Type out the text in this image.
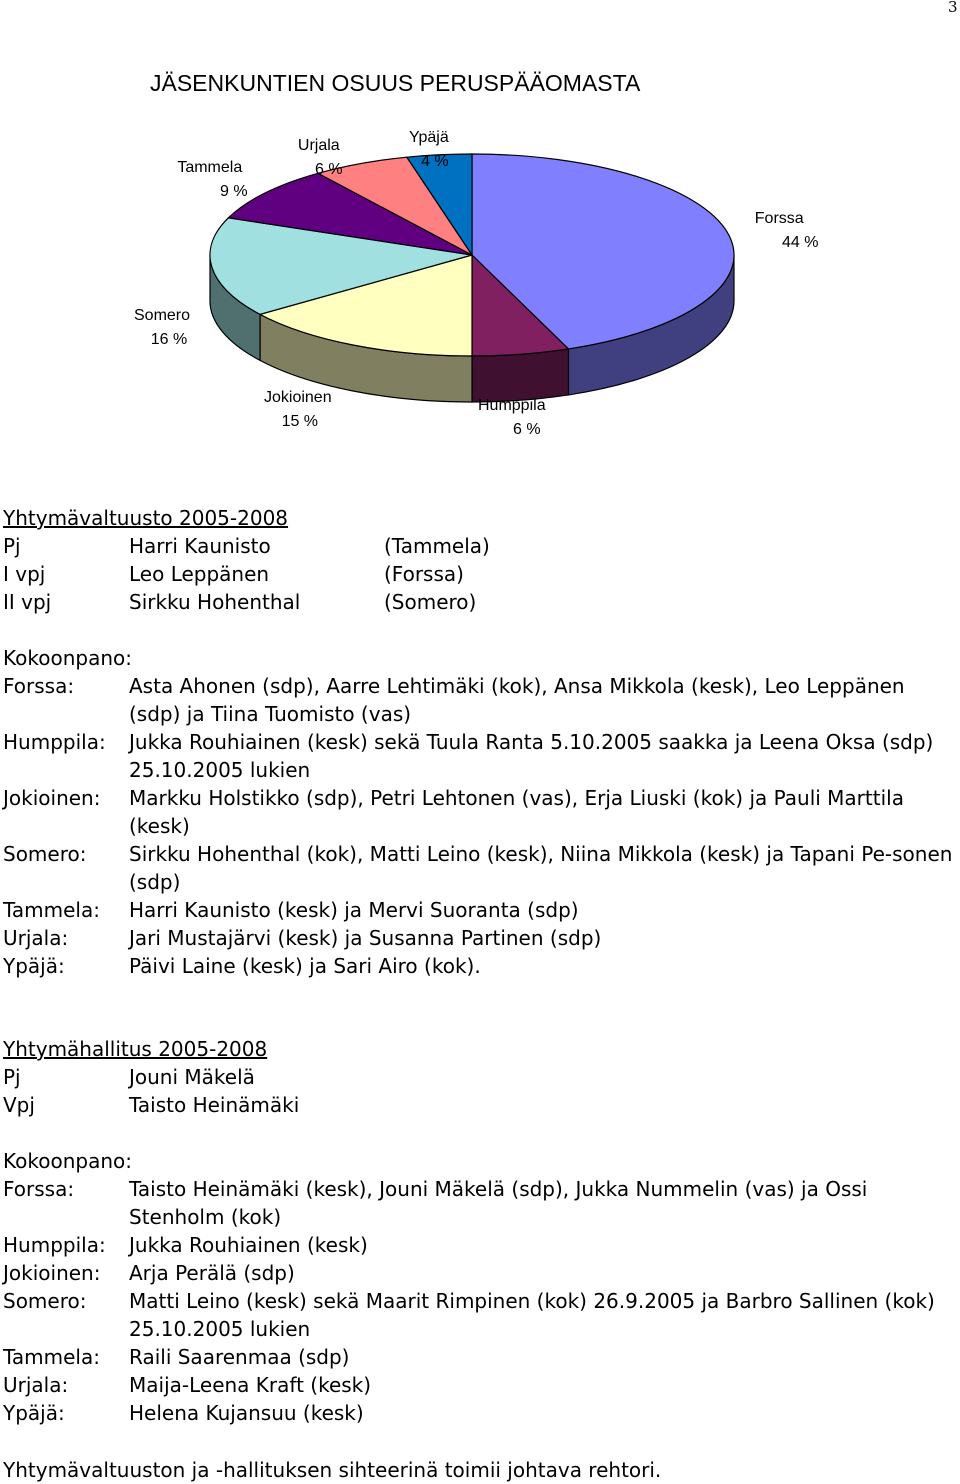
3
JÄSENKUNTIEN OSUUS PERUSPÄÄOMASTA
Forssa
44 %
Humppila
6 %
Jokioinen
15 %
Somero
16 %
Tammela
9 %
Urjala
6 %
Ypäjä
4 %
Yhtymävaltuusto 2005-2008
Pj	Harri Kaunisto	(Tammela)
I vpj	Leo Leppänen	(Forssa)
II vpj	Sirkku Hohenthal	(Somero)
Kokoonpano:
Forssa:	Asta Ahonen (sdp), Aarre Lehtimäki (kok), Ansa Mikkola (kesk), Leo Leppänen (sdp) ja Tiina Tuomisto (vas)
Humppila: Jukka Rouhiainen (kesk) sekä Tuula Ranta 5.10.2005 saakka ja Leena Oksa (sdp) 25.10.2005 lukien
Jokioinen: Markku Holstikko (sdp), Petri Lehtonen (vas), Erja Liuski (kok) ja Pauli Marttila (kesk)
Somero: Sirkku Hohenthal (kok), Matti Leino (kesk), Niina Mikkola (kesk) ja Tapani Pe-sonen (sdp)
Tammela: Harri Kaunisto (kesk) ja Mervi Suoranta (sdp)
Urjala:	Jari Mustajärvi (kesk) ja Susanna Partinen (sdp)
Ypäjä:	Päivi Laine (kesk) ja Sari Airo (kok).
Yhtymähallitus 2005-2008
Pj	Jouni Mäkelä
Vpj	Taisto Heinämäki
Kokoonpano:
Forssa:	Taisto Heinämäki (kesk), Jouni Mäkelä (sdp), Jukka Nummelin (vas) ja Ossi Stenholm (kok)
Humppila: Jukka Rouhiainen (kesk)
Jokioinen: Arja Perälä (sdp)
Somero: Matti Leino (kesk) sekä Maarit Rimpinen (kok) 26.9.2005 ja Barbro Sallinen (kok) 25.10.2005 lukien
Tammela: Raili Saarenmaa (sdp)
Urjala:	Maija-Leena Kraft (kesk)
Ypäjä:	Helena Kujansuu (kesk)
Yhtymävaltuuston ja -hallituksen sihteerinä toimii johtava rehtori.
